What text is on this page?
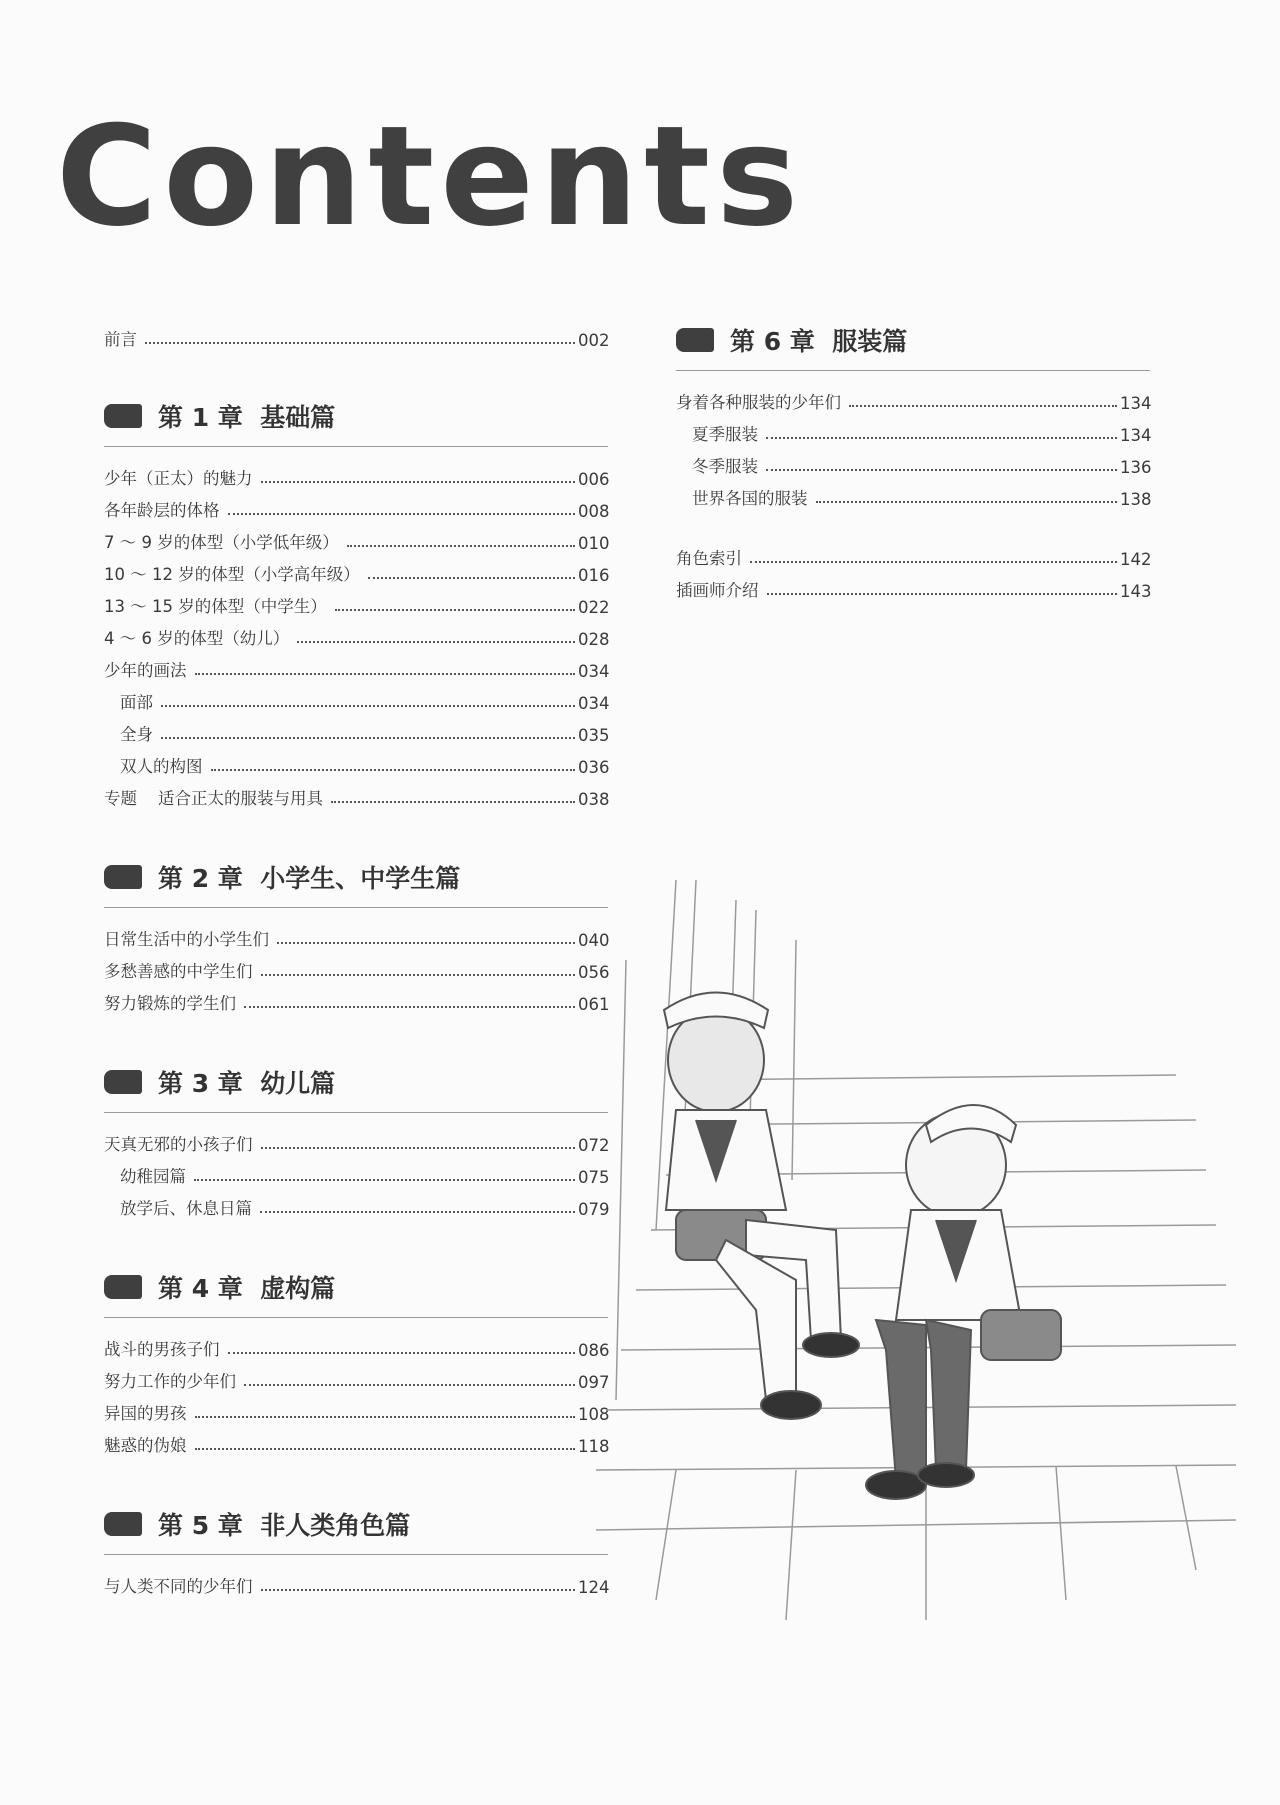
Contents
前言	002
第 1 章  基础篇
少年（正太）的魅力	006
各年龄层的体格	008
7 ～ 9 岁的体型（小学低年级）	010
10 ～ 12 岁的体型（小学高年级）	016
13 ～ 15 岁的体型（中学生）	022
4 ～ 6 岁的体型（幼儿）	028
少年的画法	034
面部	034
全身	035
双人的构图	036
专题    适合正太的服装与用具	038
第 2 章  小学生、中学生篇
日常生活中的小学生们	040
多愁善感的中学生们	056
努力锻炼的学生们	061
第 3 章  幼儿篇
天真无邪的小孩子们	072
幼稚园篇	075
放学后、休息日篇	079
第 4 章  虚构篇
战斗的男孩子们	086
努力工作的少年们	097
异国的男孩	108
魅惑的伪娘	118
第 5 章  非人类角色篇
与人类不同的少年们	124
第 6 章  服装篇
身着各种服装的少年们	134
夏季服装	134
冬季服装	136
世界各国的服装	138
角色索引	142
插画师介绍	143
